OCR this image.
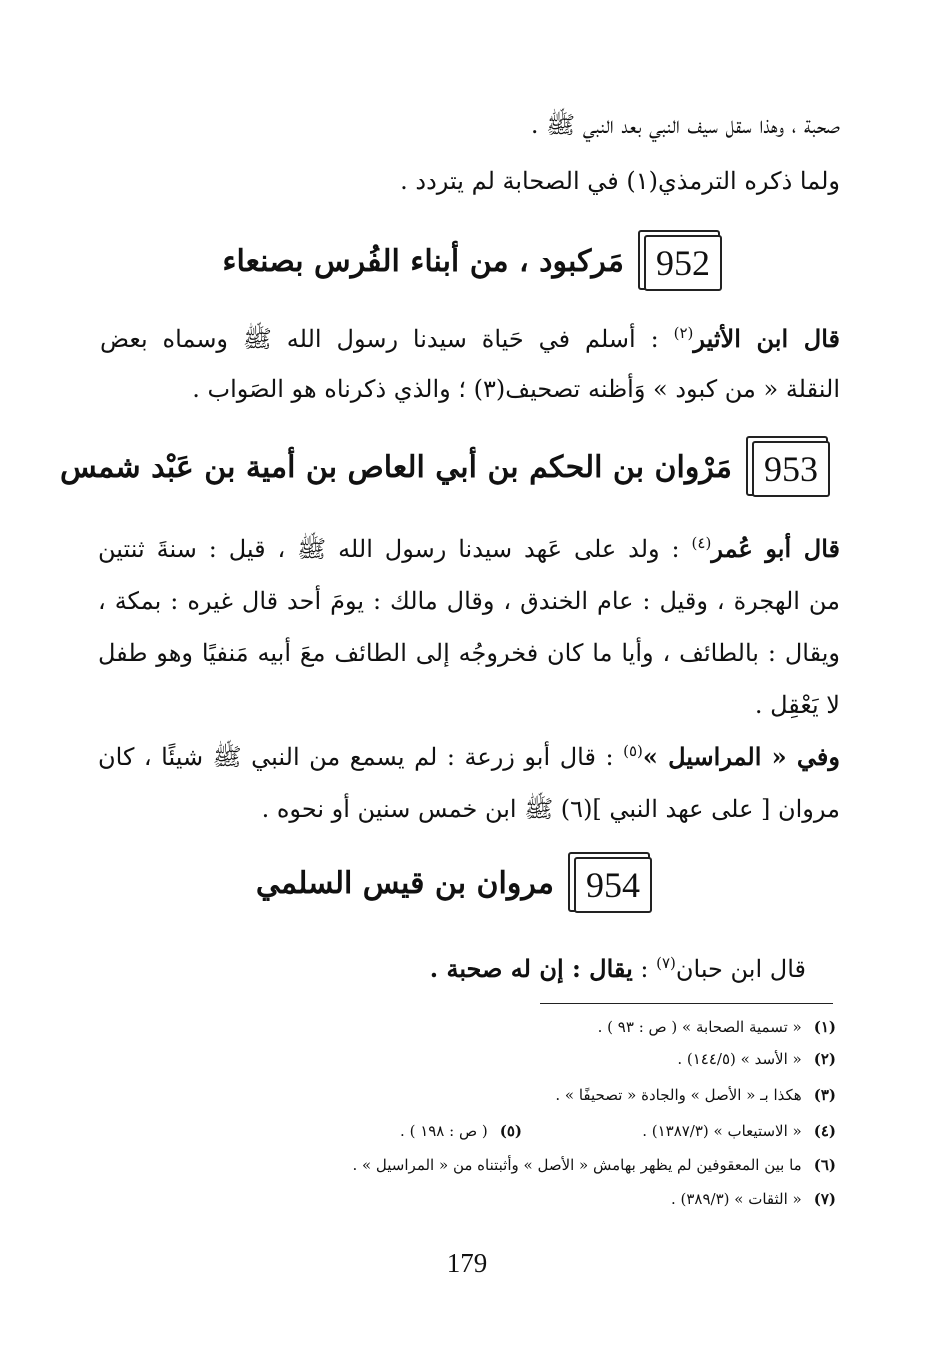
صحبة ، وهذا سقل سيف النبي بعد النبي ﷺ .
ولما ذكره الترمذي(١) في الصحابة لم يتردد .
952
مَركبود ، من أبناء الفُرس بصنعاء
قال ابن الأثير$^{(٢)}$ : أسلم في حَياة سيدنا رسول الله ﷺ وسماه بعض
النقلة « من كبود » وَأظنه تصحيف(٣) ؛ والذي ذكرناه هو الصَواب .
953
مَرْوان بن الحكم بن أبي العاص بن أمية بن عَبْد شمس
قال أبو عُمر$^{(٤)}$ : ولد على عَهد سيدنا رسول الله ﷺ ، قيل : سنةَ ثنتين
من الهجرة ، وقيل : عام الخندق ، وقال مالك : يومَ أحد قال غيره : بمكة ،
ويقال : بالطائف ، وأيا ما كان فخروجُه إلى الطائف معَ أبيه مَنفيًا وهو طفل
لا يَعْقِل .
وفي « المراسيل »$^{(٥)}$ : قال أبو زرعة : لم يسمع من النبي ﷺ شيئًا ، كان
مروان [ على عهد النبي ](٦) ﷺ ابن خمس سنين أو نحوه .
954
مروان بن قيس السلمي
قال ابن حبان$^{(٧)}$ : يقال : إن له صحبة .
(١)« تسمية الصحابة » ( ص : ٩٣ ) .
(٢)« الأسد » (١٤٤/٥) .
(٣)هكذا بـ « الأصل » والجادة « تصحيفًا » .
(٤)« الاستيعاب » (١٣٨٧/٣) .
(٥)( ص : ١٩٨ ) .
(٦)ما بين المعقوفين لم يظهر بهامش « الأصل » وأثبتناه من « المراسيل » .
(٧)« الثقات » (٣٨٩/٣) .
179
